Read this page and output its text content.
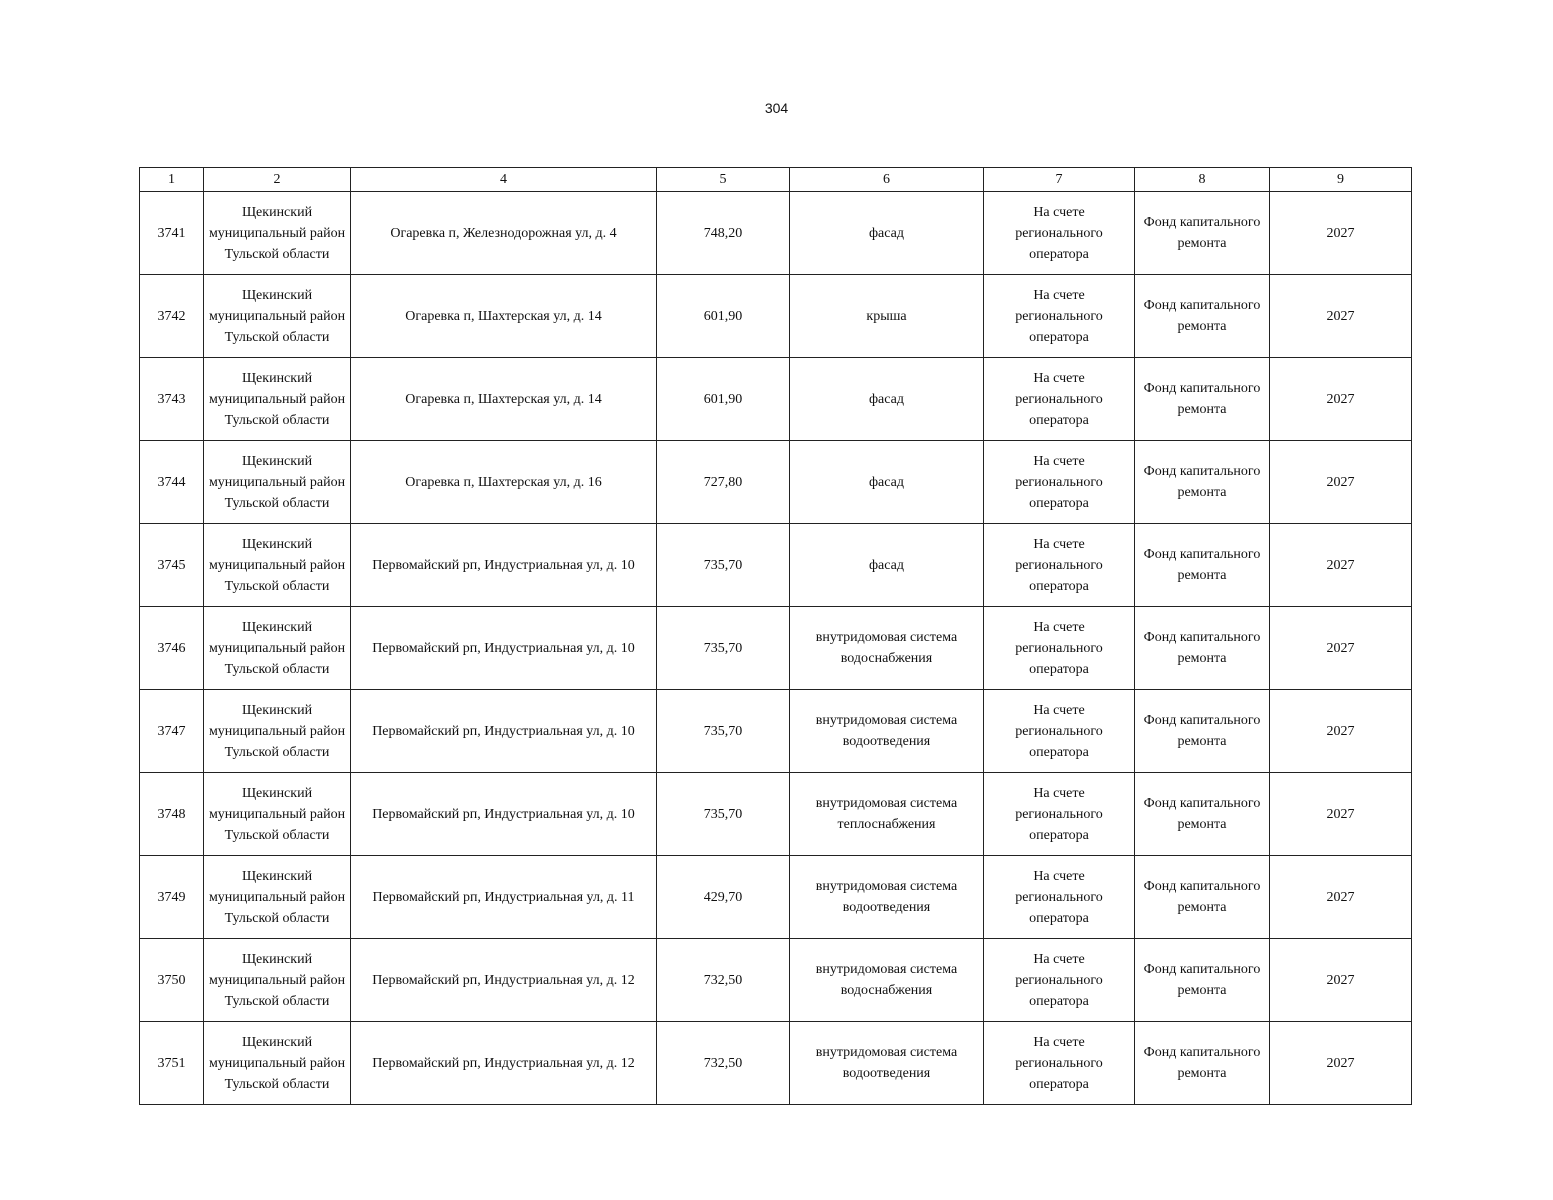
304
1	2	4	5	6	7	8	9

3741	Щекинский муниципальный район Тульской области	Огаревка п, Железнодорожная ул, д. 4	748,20	фасад	На счете регионального оператора	Фонд капитального ремонта	2027

3742	Щекинский муниципальный район Тульской области	Огаревка п, Шахтерская ул, д. 14	601,90	крыша	На счете регионального оператора	Фонд капитального ремонта	2027

3743	Щекинский муниципальный район Тульской области	Огаревка п, Шахтерская ул, д. 14	601,90	фасад	На счете регионального оператора	Фонд капитального ремонта	2027

3744	Щекинский муниципальный район Тульской области	Огаревка п, Шахтерская ул, д. 16	727,80	фасад	На счете регионального оператора	Фонд капитального ремонта	2027

3745	Щекинский муниципальный район Тульской области	Первомайский рп, Индустриальная ул, д. 10	735,70	фасад	На счете регионального оператора	Фонд капитального ремонта	2027

3746	Щекинский муниципальный район Тульской области	Первомайский рп, Индустриальная ул, д. 10	735,70	внутридомовая система водоснабжения	На счете регионального оператора	Фонд капитального ремонта	2027

3747	Щекинский муниципальный район Тульской области	Первомайский рп, Индустриальная ул, д. 10	735,70	внутридомовая система водоотведения	На счете регионального оператора	Фонд капитального ремонта	2027

3748	Щекинский муниципальный район Тульской области	Первомайский рп, Индустриальная ул, д. 10	735,70	внутридомовая система теплоснабжения	На счете регионального оператора	Фонд капитального ремонта	2027

3749	Щекинский муниципальный район Тульской области	Первомайский рп, Индустриальная ул, д. 11	429,70	внутридомовая система водоотведения	На счете регионального оператора	Фонд капитального ремонта	2027

3750	Щекинский муниципальный район Тульской области	Первомайский рп, Индустриальная ул, д. 12	732,50	внутридомовая система водоснабжения	На счете регионального оператора	Фонд капитального ремонта	2027

3751	Щекинский муниципальный район Тульской области	Первомайский рп, Индустриальная ул, д. 12	732,50	внутридомовая система водоотведения	На счете регионального оператора	Фонд капитального ремонта	2027
